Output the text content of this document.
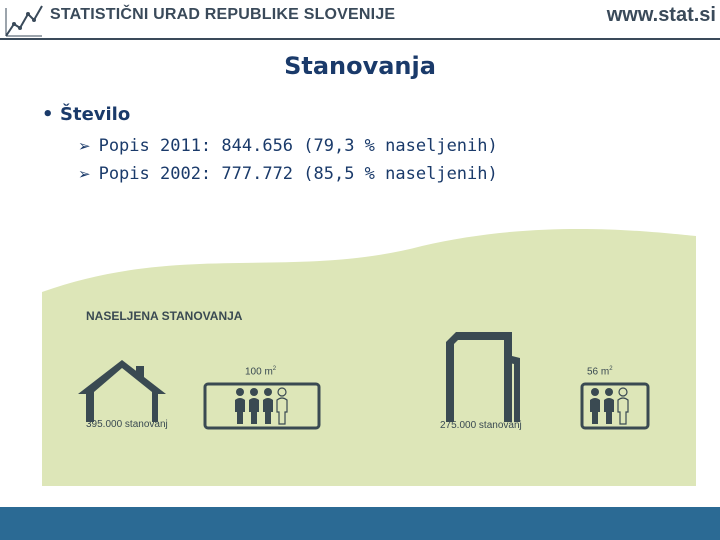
STATISTIČNI URAD REPUBLIKE SLOVENIJE	www.stat.si
Stanovanja
• Število
➢ Popis 2011: 844.656 (79,3 % naseljenih)
➢ Popis 2002: 777.772 (85,5 % naseljenih)
NASELJENA STANOVANJA
395.000 stanovanj	275.000 stanovanj
100 $m^2$	56 $m^2$
